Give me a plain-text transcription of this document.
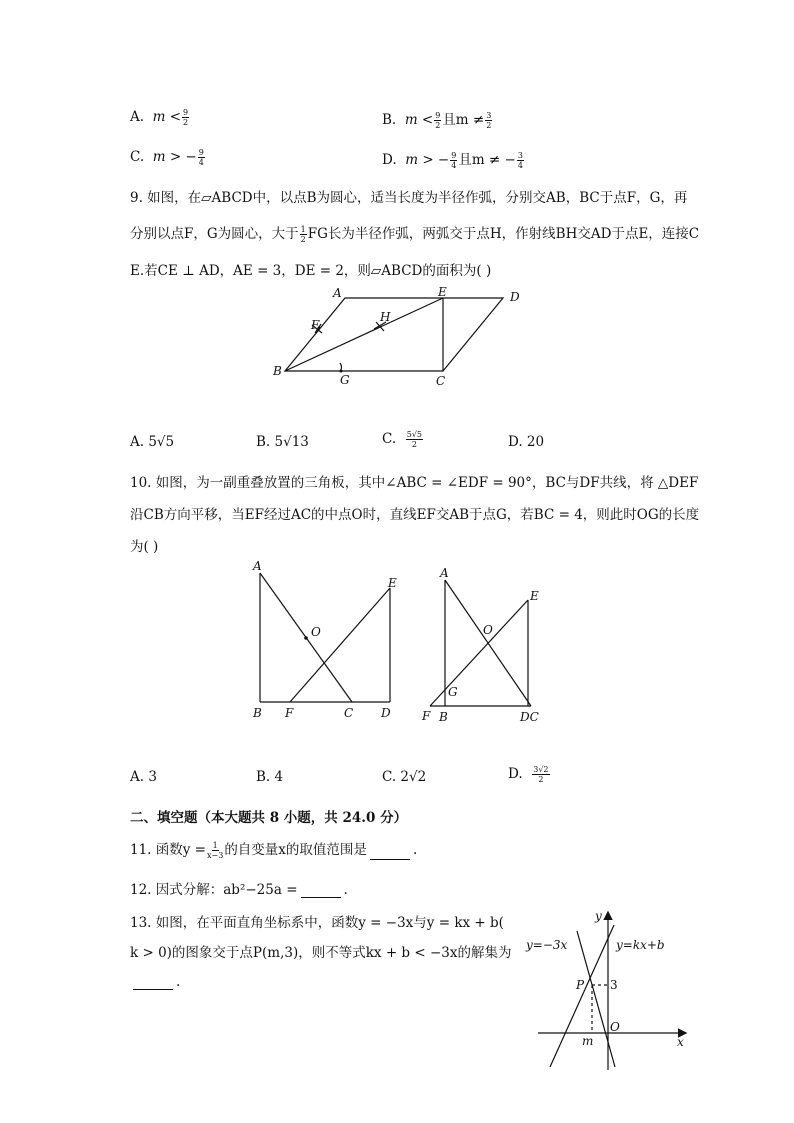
A. $m < \frac{9}{2}$	B. $m < \frac{9}{2}$ 且$m \ne \frac{3}{2}$
C. m > − $\frac{9}{4}$	D. m > − $\frac{9}{4}$ 且m ≠ − $\frac{3}{4}$
9. 如图，在▱ABCD中，以点B为圆心，适当长度为半径作弧，分别交AB，BC于点F，G，再
分别以点F，G为圆心，大于 $\frac{1}{2}$ FG长为半径作弧，两弧交于点H，作射线BH交AD于点E，连接C
E.若CE ⊥ AD，AE = 3，DE = 2，则▱ABCD的面积为( )
A	E	D
F
H
B
G	C
A. 5√5	B. 5√13	C. $\frac{5√5}{2}$	D. 20
10. 如图，为一副重叠放置的三角板，其中∠ABC = ∠EDF = 90°，BC与DF共线，将 △DEF
沿CB方向平移，当EF经过AC的中点O时，直线EF交AB于点G，若BC = 4，则此时OG的长度
为( )
A
E
O
B F	C D
A
E
O
G
F B	DC
A. 3	B. 4	C. 2√2	D. $\frac{3√2}{2}$
二、填空题（本大题共 8 小题，共 24.0 分）
11. 函数$y = \frac{1}{x-3}$ 的自变量x的取值范围是	.
12. 因式分解：ab²−25a =	.
13. 如图，在平面直角坐标系中，函数y = −3x与y = kx + b(
k > 0)的图象交于点P(m,3)，则不等式kx + b < −3x的解集为
.
y
x
O
P 3
m
y=−3x	y=kx+b
